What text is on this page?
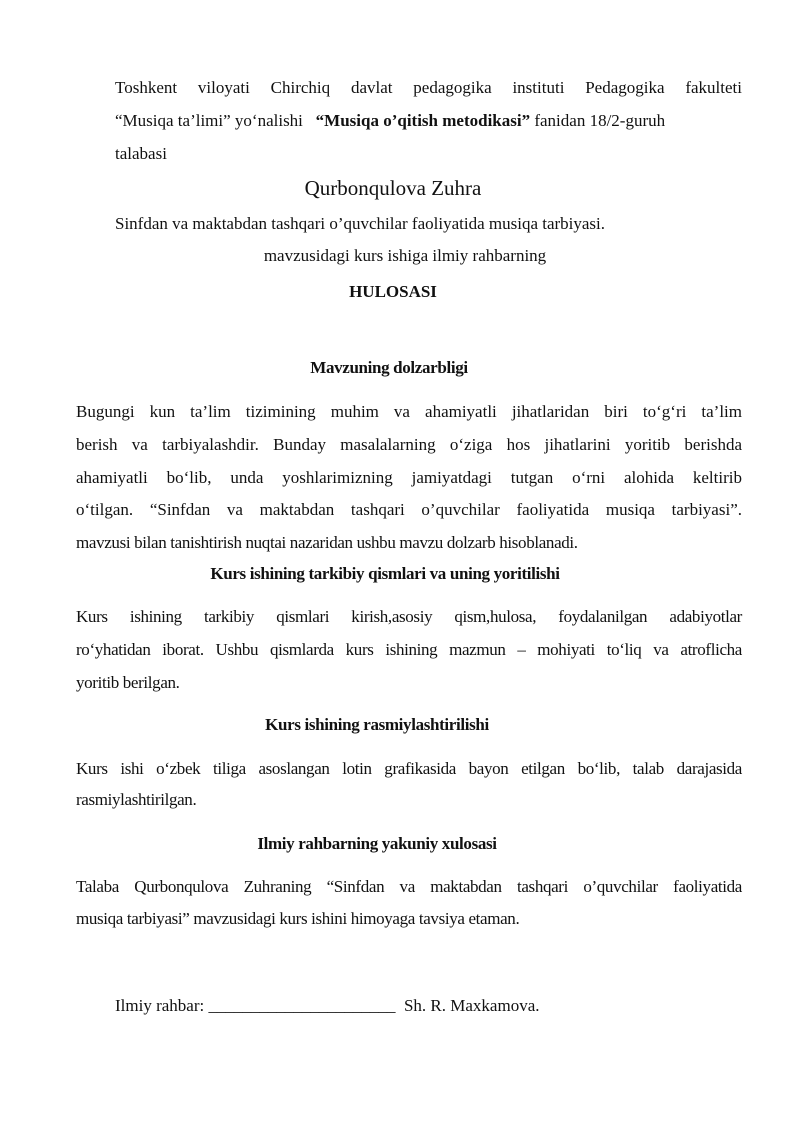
Toshkent viloyati Chirchiq davlat pedagogika instituti Pedagogika fakulteti
“Musiqa ta’limi” yo‘nalishi “Musiqa o’qitish metodikasi” fanidan 18/2-guruh
talabasi
Qurbonqulova Zuhra
Sinfdan va maktabdan tashqari o’quvchilar faoliyatida musiqa tarbiyasi.
mavzusidagi kurs ishiga ilmiy rahbarning
HULOSASI
Mavzuning dolzarbligi
Bugungi kun ta’lim tizimining muhim va ahamiyatli jihatlaridan biri to‘g‘ri ta’lim
berish va tarbiyalashdir. Bunday masalalarning o‘ziga hos jihatlarini yoritib berishda
ahamiyatli bo‘lib, unda yoshlarimizning jamiyatdagi tutgan o‘rni alohida keltirib
o‘tilgan. “Sinfdan va maktabdan tashqari o’quvchilar faoliyatida musiqa tarbiyasi”.
mavzusi bilan tanishtirish nuqtai nazaridan ushbu mavzu dolzarb hisoblanadi.
Kurs ishining tarkibiy qismlari va uning yoritilishi
Kurs ishining tarkibiy qismlari kirish,asosiy qism,hulosa, foydalanilgan adabiyotlar
ro‘yhatidan iborat. Ushbu qismlarda kurs ishining mazmun – mohiyati to‘liq va atroflicha
yoritib berilgan.
Kurs ishining rasmiylashtirilishi
Kurs ishi o‘zbek tiliga asoslangan lotin grafikasida bayon etilgan bo‘lib, talab darajasida
rasmiylashtirilgan.
Ilmiy rahbarning yakuniy xulosasi
Talaba Qurbonqulova Zuhraning “Sinfdan va maktabdan tashqari o’quvchilar faoliyatida
musiqa tarbiyasi” mavzusidagi kurs ishini himoyaga tavsiya etaman.
Ilmiy rahbar: ______________________ Sh. R. Maxkamova.
